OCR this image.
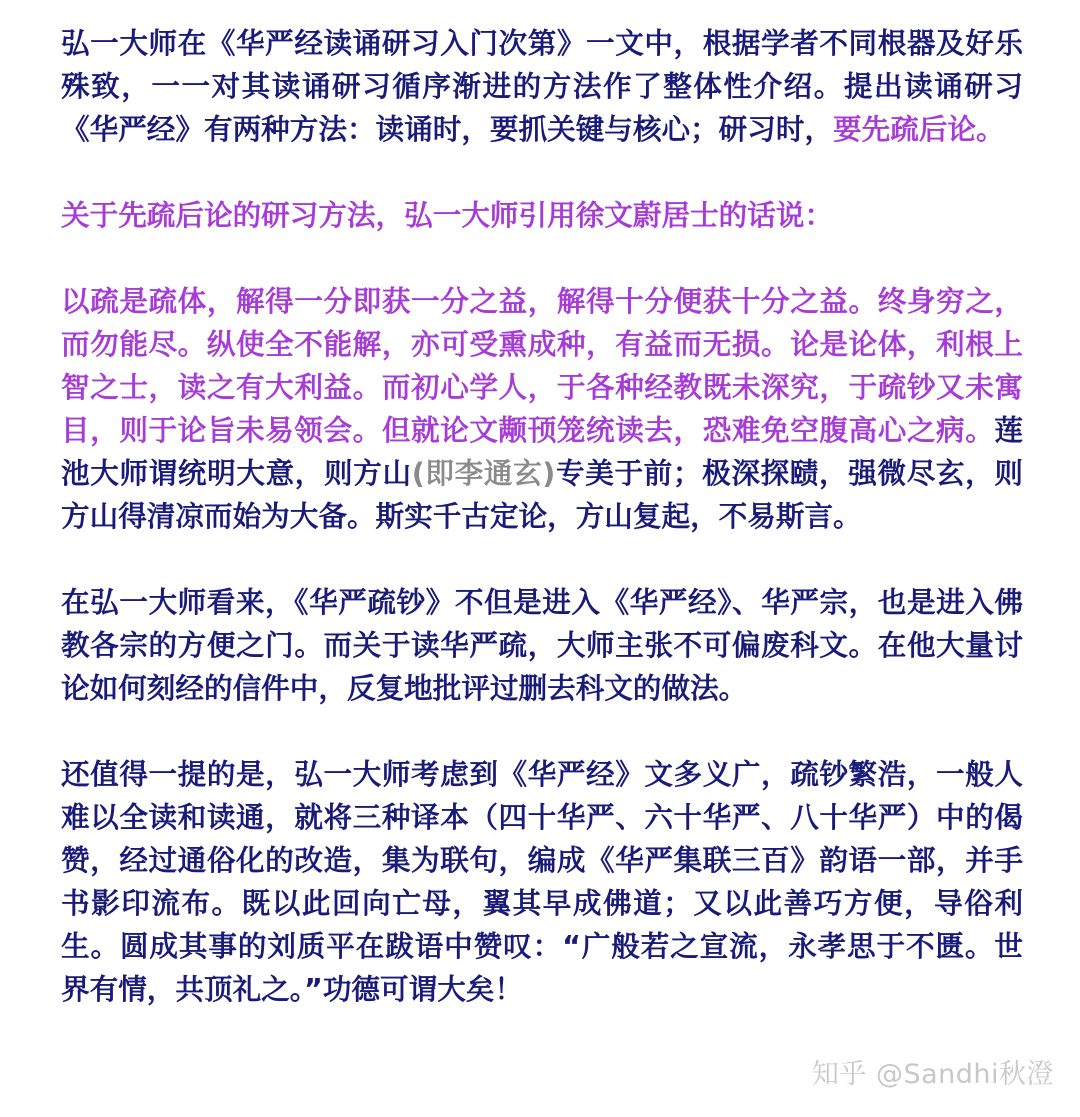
弘一大师在《华严经读诵研习入门次第》一文中，根据学者不同根器及好乐殊致，一一对其读诵研习循序渐进的方法作了整体性介绍。提出读诵研习《华严经》有两种方法：读诵时，要抓关键与核心；研习时，要先疏后论。

关于先疏后论的研习方法，弘一大师引用徐文蔚居士的话说：

以疏是疏体，解得一分即获一分之益，解得十分便获十分之益。终身穷之，而勿能尽。纵使全不能解，亦可受熏成种，有益而无损。论是论体，利根上智之士，读之有大利益。而初心学人，于各种经教既未深究，于疏钞又未寓目，则于论旨未易领会。但就论文颟顸笼统读去，恐难免空腹高心之病。莲池大师谓统明大意，则方山(即李通玄)专美于前；极深探赜，强微尽玄，则方山得清凉而始为大备。斯实千古定论，方山复起，不易斯言。

在弘一大师看来，《华严疏钞》不但是进入《华严经》、华严宗，也是进入佛教各宗的方便之门。而关于读华严疏，大师主张不可偏废科文。在他大量讨论如何刻经的信件中，反复地批评过删去科文的做法。

还值得一提的是，弘一大师考虑到《华严经》文多义广，疏钞繁浩，一般人难以全读和读通，就将三种译本（四十华严、六十华严、八十华严）中的偈赞，经过通俗化的改造，集为联句，编成《华严集联三百》韵语一部，并手书影印流布。既以此回向亡母，翼其早成佛道；又以此善巧方便，导俗利生。圆成其事的刘质平在跋语中赞叹：“广般若之宣流，永孝思于不匮。世界有情，共顶礼之。”功德可谓大矣！

知乎 @Sandhi秋澄
